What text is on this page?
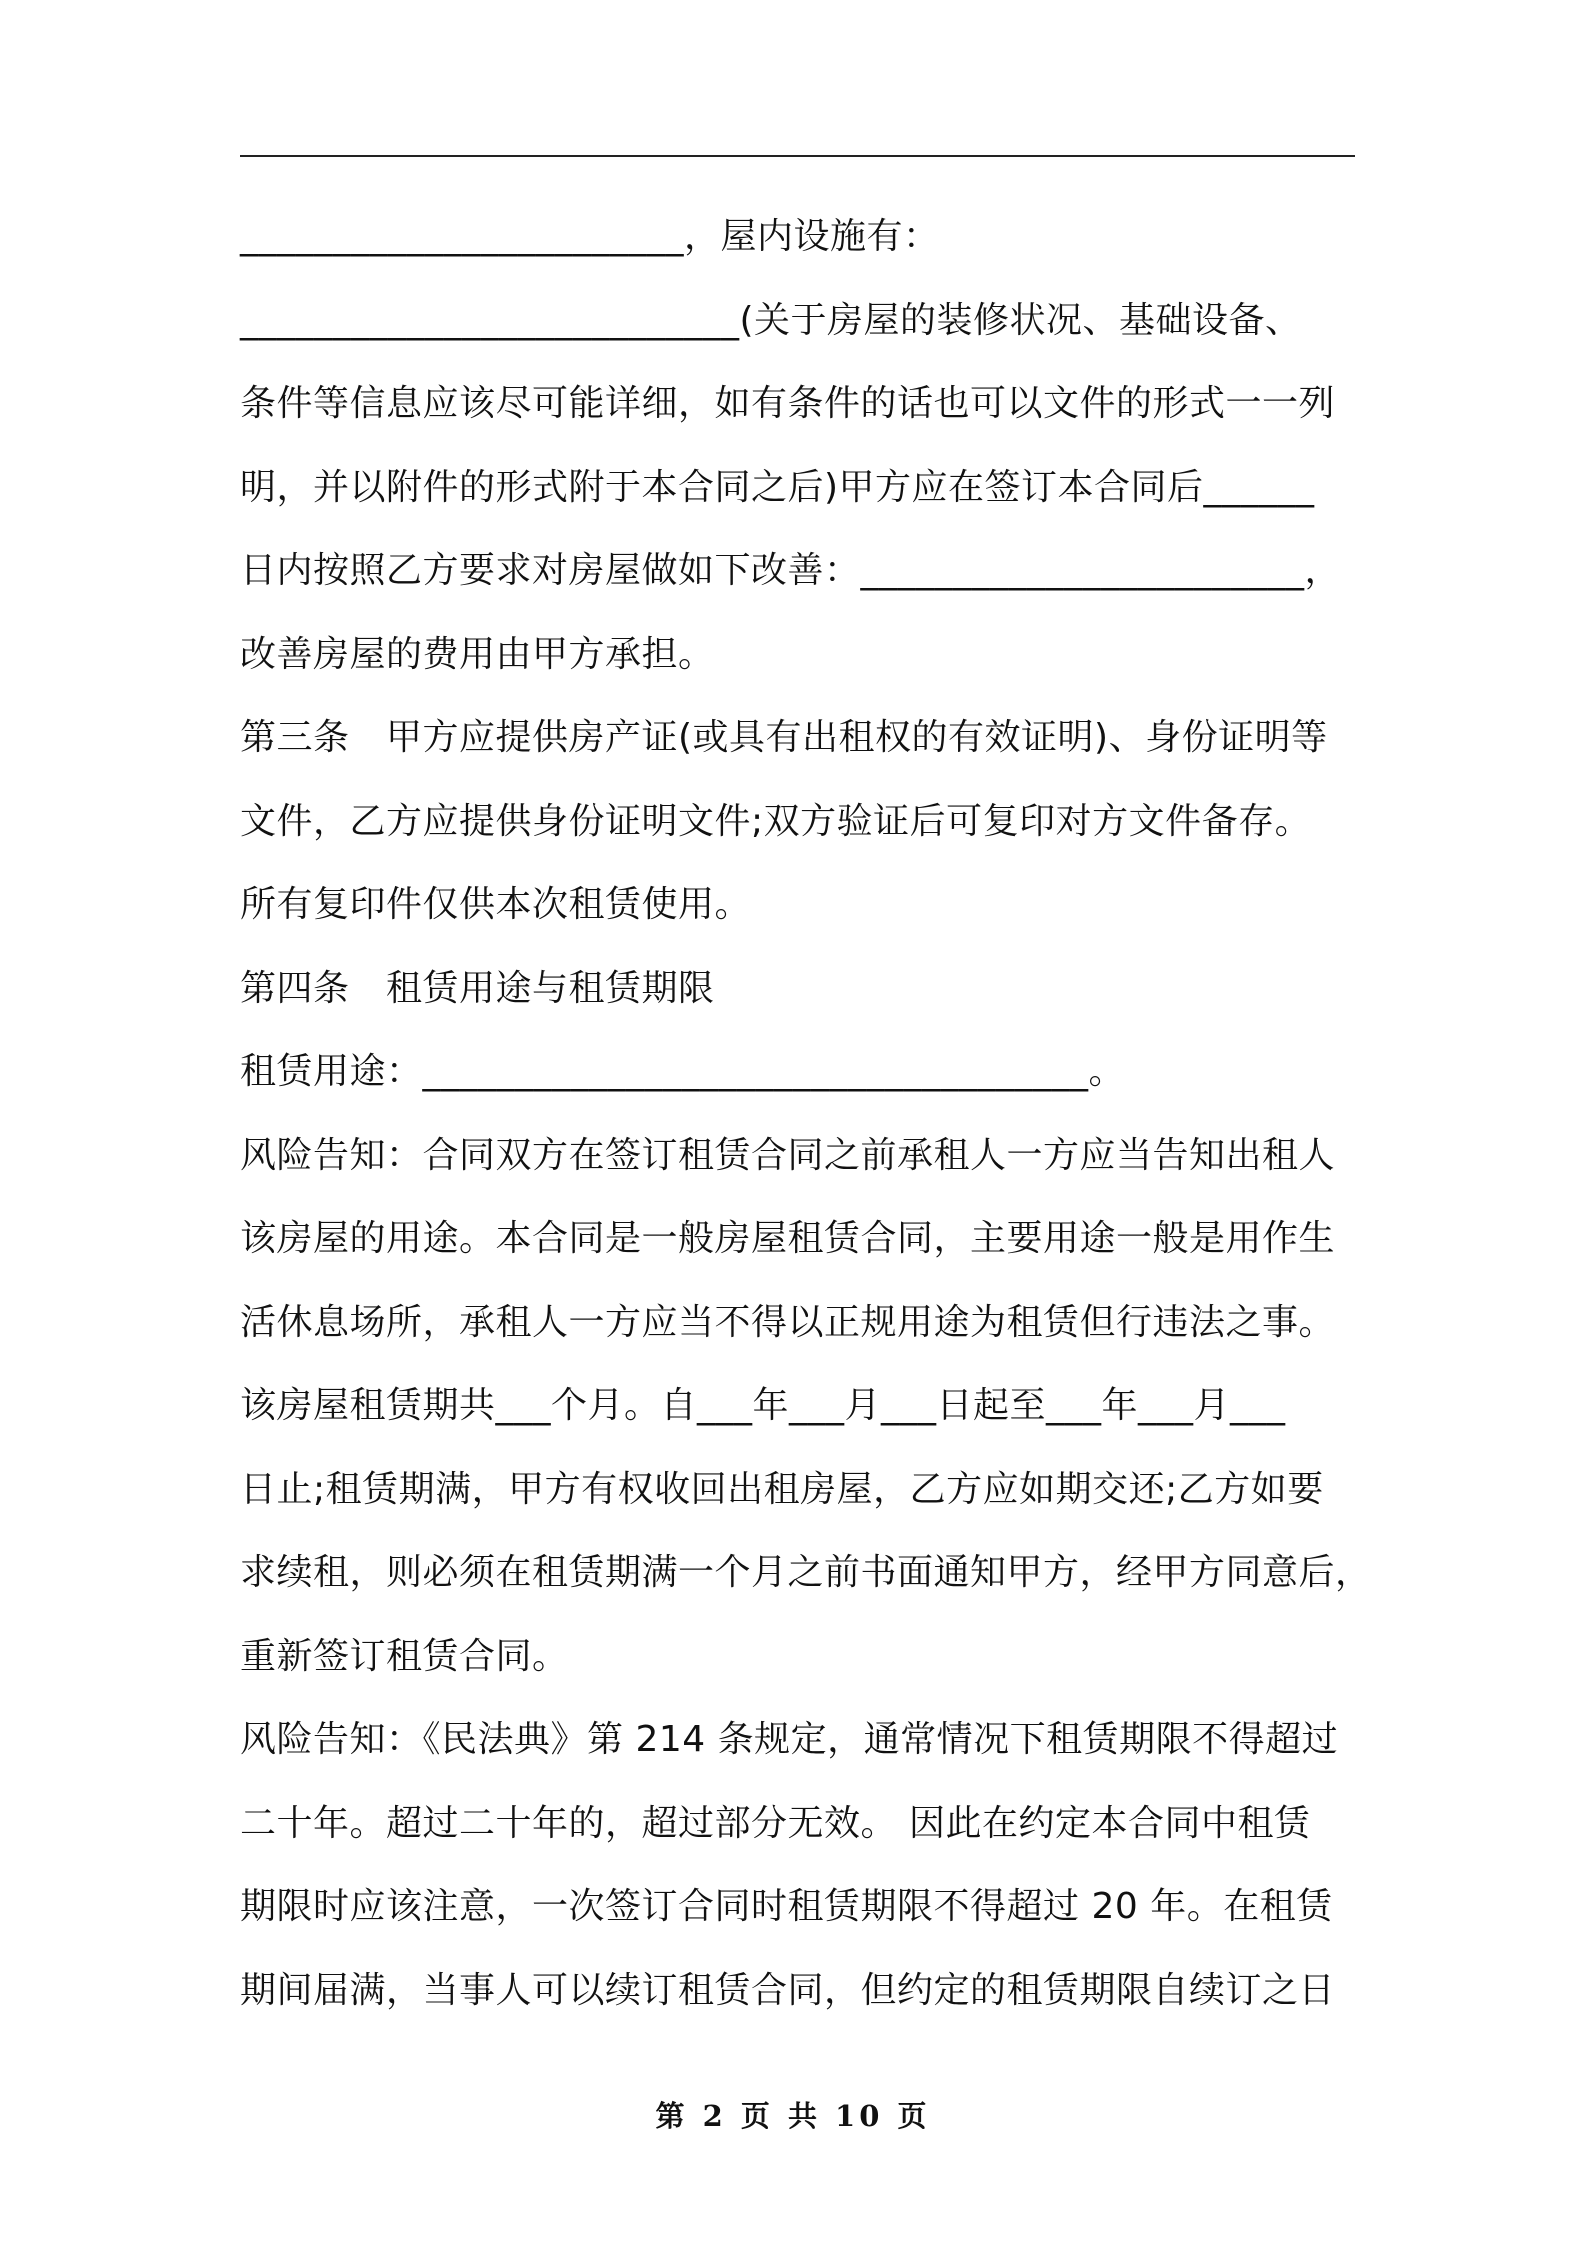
________________________，屋内设施有：
___________________________(关于房屋的装修状况、基础设备、
条件等信息应该尽可能详细，如有条件的话也可以文件的形式一一列
明，并以附件的形式附于本合同之后)甲方应在签订本合同后______
日内按照乙方要求对房屋做如下改善：________________________，
改善房屋的费用由甲方承担。
第三条　甲方应提供房产证(或具有出租权的有效证明)、身份证明等
文件，乙方应提供身份证明文件;双方验证后可复印对方文件备存。
所有复印件仅供本次租赁使用。
第四条　租赁用途与租赁期限
租赁用途：____________________________________。
风险告知：合同双方在签订租赁合同之前承租人一方应当告知出租人
该房屋的用途。本合同是一般房屋租赁合同，主要用途一般是用作生
活休息场所，承租人一方应当不得以正规用途为租赁但行违法之事。
该房屋租赁期共___个月。自___年___月___日起至___年___月___
日止;租赁期满，甲方有权收回出租房屋，乙方应如期交还;乙方如要
求续租，则必须在租赁期满一个月之前书面通知甲方，经甲方同意后，
重新签订租赁合同。
风险告知：《民法典》第 214 条规定，通常情况下租赁期限不得超过
二十年。超过二十年的，超过部分无效。 因此在约定本合同中租赁
期限时应该注意，一次签订合同时租赁期限不得超过 20 年。在租赁
期间届满，当事人可以续订租赁合同，但约定的租赁期限自续订之日
第 2 页 共 10 页
